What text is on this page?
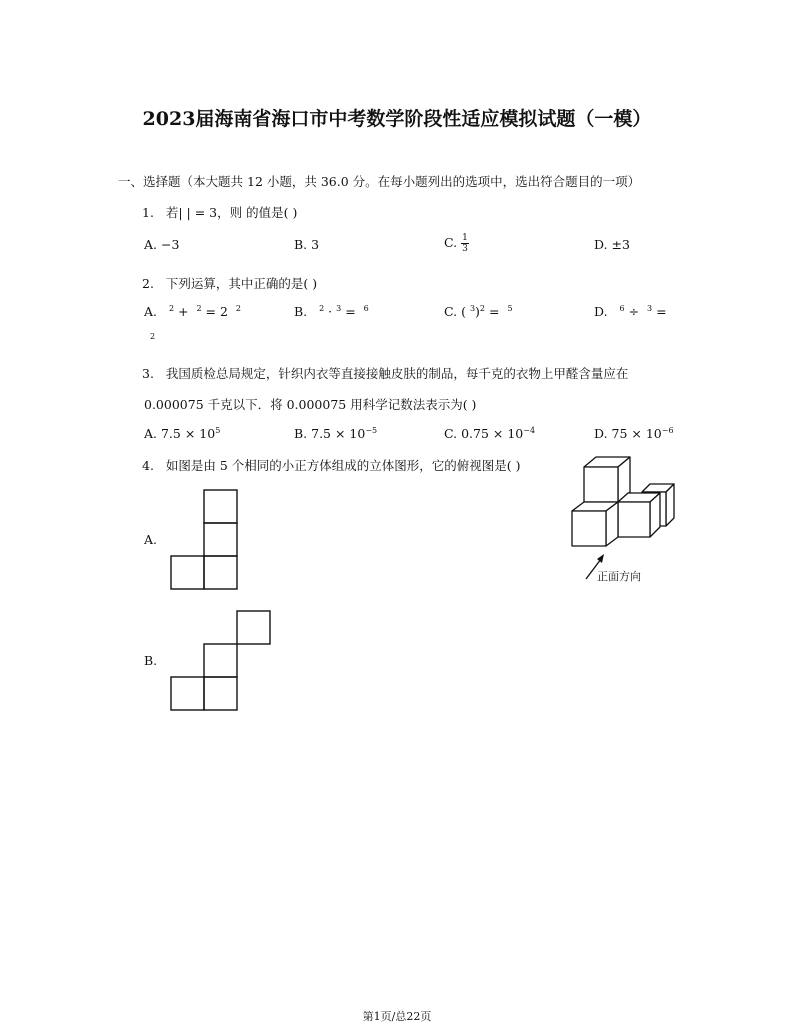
2023届海南省海口市中考数学阶段性适应模拟试题（一模）
一、选择题（本大题共 12 小题，共 36.0 分。在每小题列出的选项中，选出符合题目的一项）
1. 若| | = 3，则 的值是( )
A. −3	B. 3	C. $\frac{1}{3}$	D. ±3
2. 下列运算，其中正确的是( )
A. $^2$ + $^2$ = 2 $^2$	B. $^2$ · $^3$ = $^6$	C. ( $^3$)$^2$ = $^5$	D. $^6$ ÷ $^3$ =
2
3. 我国质检总局规定，针织内衣等直接接触皮肤的制品，每千克的衣物上甲醛含量应在
0.000075 千克以下．将 0.000075 用科学记数法表示为( )
A. $7.5 \times 10^5$	B. $7.5 \times 10^{-5}$	C. $0.75 \times 10^{-4}$	D. $75 \times 10^{-6}$
4. 如图是由 5 个相同的小正方体组成的立体图形，它的俯视图是( )
正面方向
A.
B.
第1页/总22页
